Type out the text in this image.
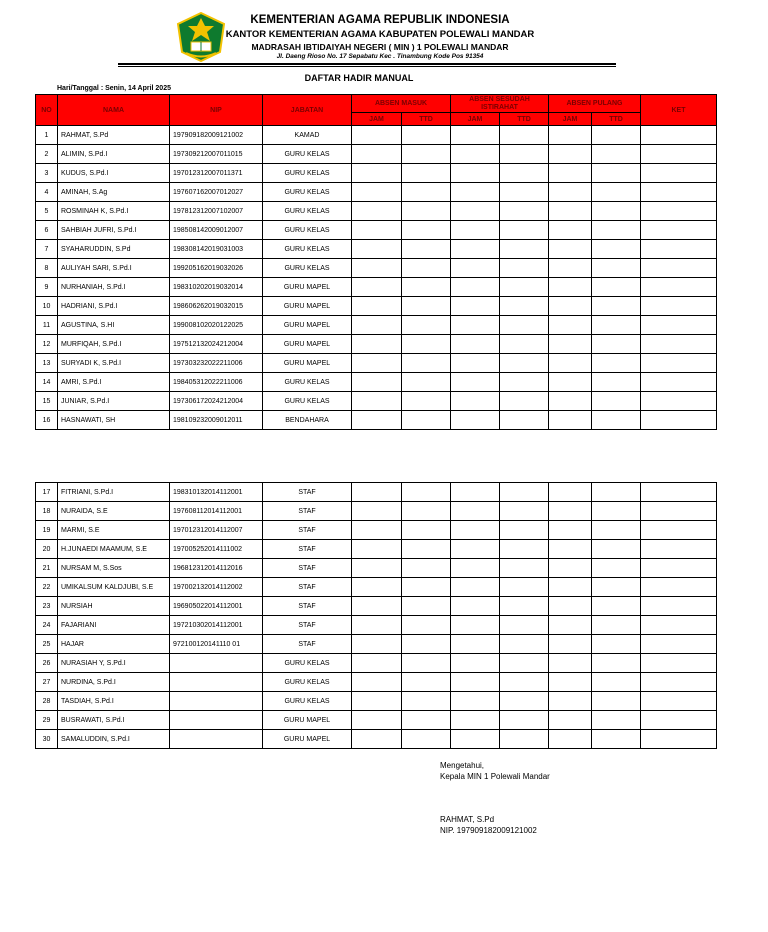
KEMENTERIAN AGAMA REPUBLIK INDONESIA
KANTOR KEMENTERIAN AGAMA KABUPATEN POLEWALI MANDAR
MADRASAH IBTIDAIYAH NEGERI ( MIN ) 1 POLEWALI MANDAR
Jl. Daeng Rioso No. 17 Sepabatu Kec . Tinambung Kode Pos 91354
DAFTAR HADIR MANUAL
Hari/Tanggal : Senin, 14 April 2025
NO	NAMA	NIP	JABATAN	ABSEN MASUK		ABSEN SESUDAH ISTIRAHAT		ABSEN PULANG		KET
				JAM	TTD	JAM	TTD	JAM	TTD	
1	RAHMAT, S.Pd	197909182009121002	KAMAD							
2	ALIMIN, S.Pd.I	197309212007011015	GURU KELAS							
3	KUDUS, S.Pd.I	197012312007011371	GURU KELAS							
4	AMINAH, S.Ag	197607162007012027	GURU KELAS							
5	ROSMINAH K, S.Pd.I	197812312007102007	GURU KELAS							
6	SAHBIAH JUFRI, S.Pd.I	198508142009012007	GURU KELAS							
7	SYAHARUDDIN, S.Pd	198308142019031003	GURU KELAS							
8	AULIYAH SARI, S.Pd.I	199205162019032026	GURU KELAS							
9	NURHANIAH, S.Pd.I	198310202019032014	GURU MAPEL							
10	HADRIANI, S.Pd.I	198606262019032015	GURU MAPEL							
11	AGUSTINA, S.HI	199008102020122025	GURU MAPEL							
12	MURFIQAH, S.Pd.I	197512132024212004	GURU MAPEL							
13	SURYADI K, S.Pd.I	197303232022211006	GURU MAPEL							
14	AMRI, S.Pd.I	198405312022211006	GURU KELAS							
15	JUNIAR, S.Pd.I	197306172024212004	GURU KELAS							
16	HASNAWATI, SH	198109232009012011	BENDAHARA							
17	FITRIANI, S.Pd.I	198310132014112001	STAF							
18	NURAIDA, S.E	197608112014112001	STAF							
19	MARMI, S.E	197012312014112007	STAF							
20	H.JUNAEDI MAAMUM, S.E	197005252014111002	STAF							
21	NURSAM M, S.Sos	196812312014112016	STAF							
22	UMIKALSUM KALDJUBI, S.E	197002132014112002	STAF							
23	NURSIAH	196905022014112001	STAF							
24	FAJARIANI	197210302014112001	STAF							
25	HAJAR	972100120141110 01	STAF							
26	NURASIAH Y, S.Pd.I		GURU KELAS							
27	NURDINA, S.Pd.I		GURU KELAS							
28	TASDIAH, S.Pd.I		GURU KELAS							
29	BUSRAWATI, S.Pd.I		GURU MAPEL							
30	SAMALUDDIN, S.Pd.I		GURU MAPEL							
Mengetahui,
Kepala MIN 1 Polewali Mandar
RAHMAT, S.Pd
NIP. 197909182009121002
